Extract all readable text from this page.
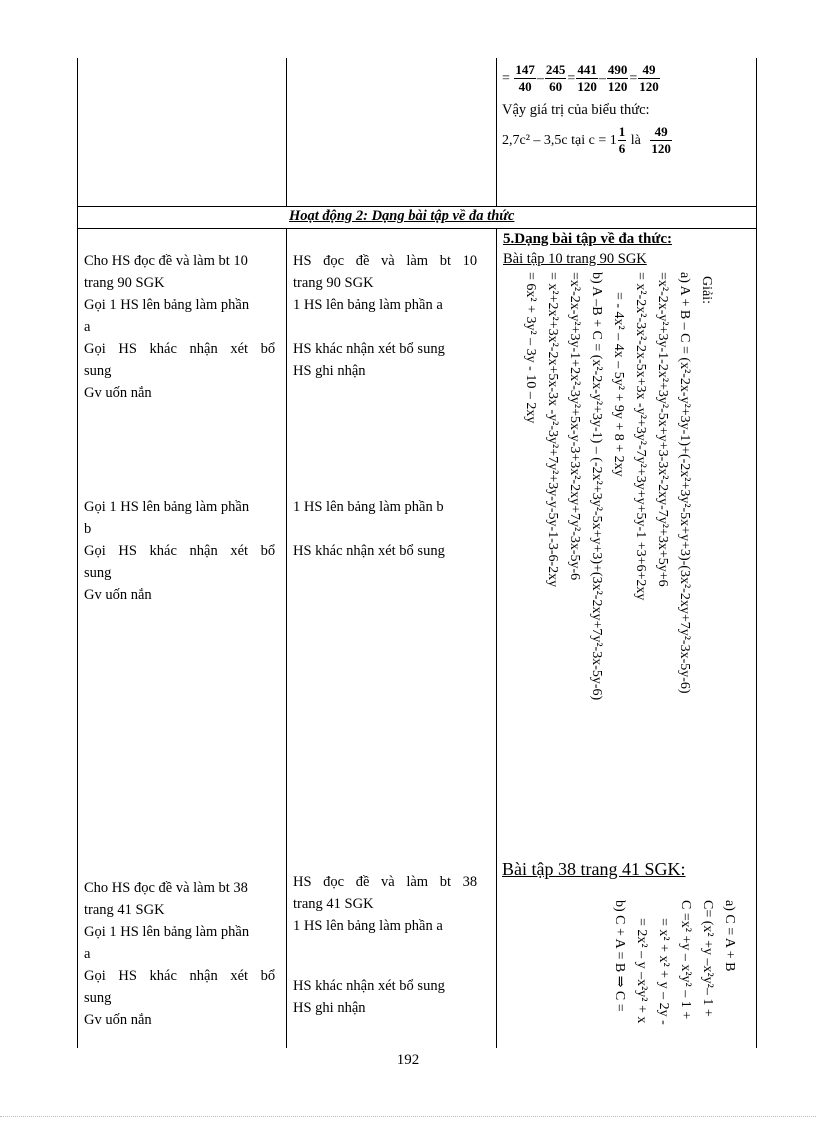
= $\frac{147}{40} - \frac{245}{60} = \frac{441}{120} - \frac{490}{120} = \frac{49}{120}$
Vậy giá trị của biểu thức:
2,7c² – 3,5c tại $c = 1 \frac{1}{6}$ là $\frac{49}{120}$
Hoạt động 2: Dạng bài tập về đa thức
5.Dạng bài tập về đa thức:
Bài tập 10 trang 90 SGK
Giải:
a) A + B – C = (x²-2x-y²+3y-1)+(-2x²+3y²-5x+y+3)-(3x²-2xy+7y²-3x-5y-6)
=x²-2x-y²+3y-1-2x²+3y²-5x+y+3-3x²-2xy-7y²+3x+5y+6
= x²-2x²-3x²-2x-5x+3x -y²+3y²-7y²+3y+y+5y-1 +3+6+2xy
= - 4x² – 4x – 5y² + 9y + 8 + 2xy
b) A –B + C = (x²-2x-y²+3y-1) – (-2x²+3y²-5x+y+3)+(3x²-2xy+7y²-3x-5y-6)
=x²-2x-y²+3y-1+2x²-3y²+5x-y-3+3x²-2xy+7y²-3x-5y-6
= x²+2x²+3x²-2x+5x-3x -y²-3y²+7y²+3y-y-5y-1-3-6-2xy
= 6x² + 3y² – 3y - 10 – 2xy
Bài tập 38 trang 41 SGK:
a) C = A + B
C= (x² +y –x²y²– 1 +
C =x² +y – x²y² – 1 +
= x² + x² + y – 2y -
= 2x² – y –x²y² + x
b) C + A = B ⇒ C =
Cho HS đọc đề và làm bt 10
trang 90 SGK
Gọi 1 HS lên bảng làm phần
a
Gọi HS khác nhận xét bổ
sung
Gv uốn nắn
Gọi 1 HS lên bảng làm phần
b
Gọi HS khác nhận xét bổ
sung
Gv uốn nắn
Cho HS đọc đề và làm bt 38
trang 41 SGK
Gọi 1 HS lên bảng làm phần
a
Gọi HS khác nhận xét bổ
sung
Gv uốn nắn
HS đọc đề và làm bt 10
trang 90 SGK
1 HS lên bảng làm phần a
HS khác nhận xét bổ sung
HS ghi nhận
1 HS lên bảng làm phần b
HS khác nhận xét bổ sung
HS đọc đề và làm bt 38
trang 41 SGK
1 HS lên bảng làm phần a
HS khác nhận xét bổ sung
HS ghi nhận
192
